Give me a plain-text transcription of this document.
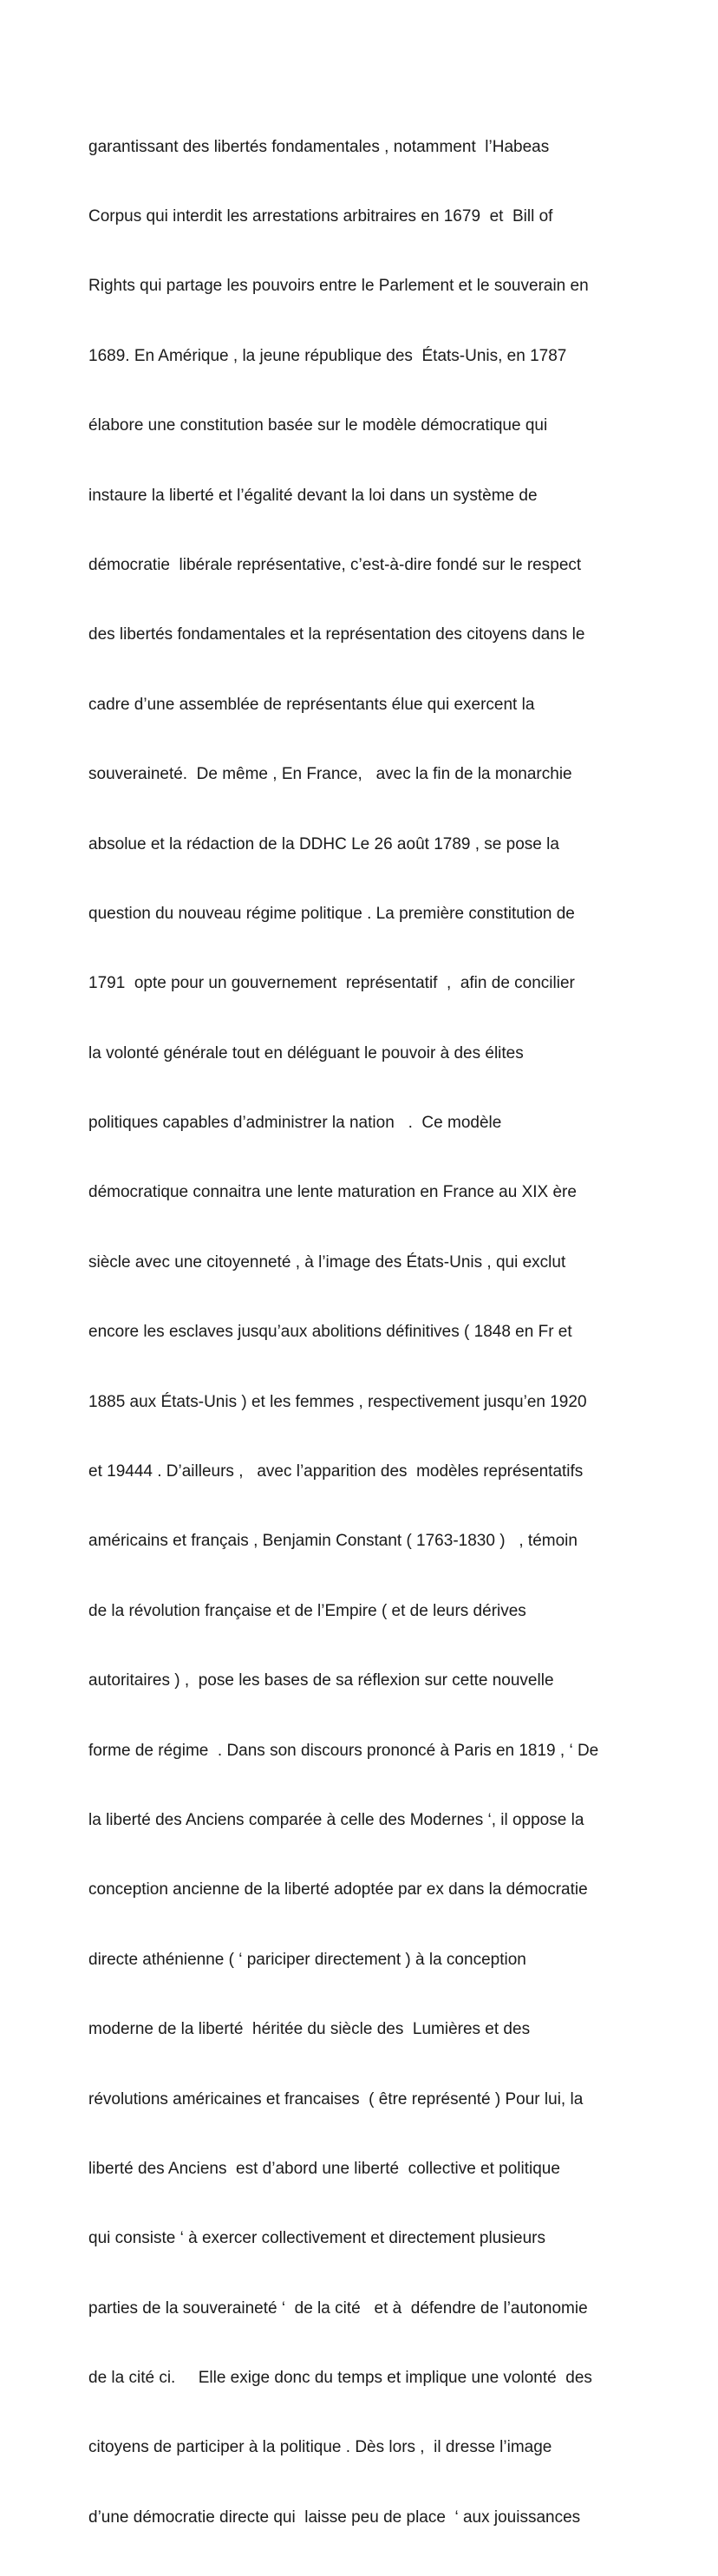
garantissant des libertés fondamentales , notamment  l’Habeas

Corpus qui interdit les arrestations arbitraires en 1679  et  Bill of

Rights qui partage les pouvoirs entre le Parlement et le souverain en

1689. En Amérique , la jeune république des  États-Unis, en 1787

élabore une constitution basée sur le modèle démocratique qui

instaure la liberté et l’égalité devant la loi dans un système de

démocratie  libérale représentative, c’est-à-dire fondé sur le respect

des libertés fondamentales et la représentation des citoyens dans le

cadre d’une assemblée de représentants élue qui exercent la

souveraineté.  De même , En France,   avec la fin de la monarchie

absolue et la rédaction de la DDHC Le 26 août 1789 , se pose la

question du nouveau régime politique . La première constitution de

1791  opte pour un gouvernement  représentatif  ,  afin de concilier

la volonté générale tout en déléguant le pouvoir à des élites

politiques capables d’administrer la nation   .  Ce modèle

démocratique connaitra une lente maturation en France au XIX ère

siècle avec une citoyenneté , à l’image des États-Unis , qui exclut

encore les esclaves jusqu’aux abolitions définitives ( 1848 en Fr et

1885 aux États-Unis ) et les femmes , respectivement jusqu’en 1920

et 19444 . D’ailleurs ,   avec l’apparition des  modèles représentatifs

américains et français , Benjamin Constant ( 1763-1830 )   , témoin

de la révolution française et de l’Empire ( et de leurs dérives

autoritaires ) ,  pose les bases de sa réflexion sur cette nouvelle

forme de régime  . Dans son discours prononcé à Paris en 1819 , ‘ De

la liberté des Anciens comparée à celle des Modernes ‘, il oppose la

conception ancienne de la liberté adoptée par ex dans la démocratie

directe athénienne ( ‘ pariciper directement ) à la conception

moderne de la liberté  héritée du siècle des  Lumières et des

révolutions américaines et francaises  ( être représenté ) Pour lui, la

liberté des Anciens  est d’abord une liberté  collective et politique

qui consiste ‘ à exercer collectivement et directement plusieurs

parties de la souveraineté ‘  de la cité   et à  défendre de l’autonomie

de la cité ci.     Elle exige donc du temps et implique une volonté  des

citoyens de participer à la politique . Dès lors ,  il dresse l’image

d’une démocratie directe qui  laisse peu de place  ‘ aux jouissances
